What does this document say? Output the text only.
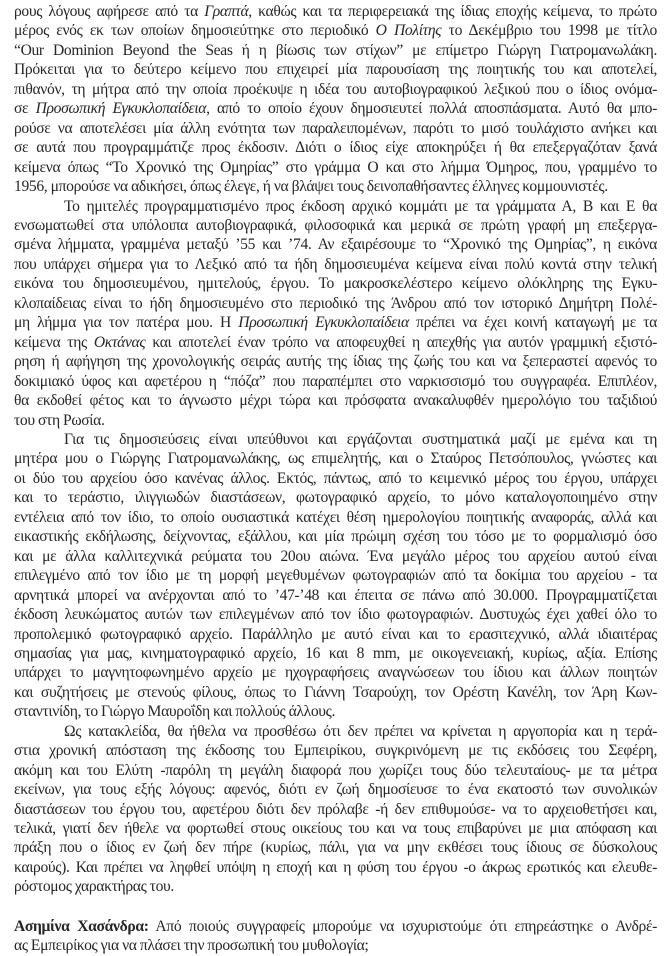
ρους λόγους αφήρεσε από τα Γραπτά, καθώς και τα περιφερειακά της ίδιας εποχής κείμενα, το πρώτο
μέρος ενός εκ των οποίων δημοσιεύτηκε στο περιοδικό Ο Πολίτης το Δεκέμβριο του 1998 με τίτλο
“Our Dominion Beyond the Seas ή η βίωσις των στίχων” με επίμετρο Γιώργη Γιατρομανωλάκη.
Πρόκειται για το δεύτερο κείμενο που επιχειρεί μία παρουσίαση της ποιητικής του και αποτελεί,
πιθανόν, τη μήτρα από την οποία προέκυψε η ιδέα του αυτοβιογραφικού λεξικού που ο ίδιος ονόμα-
σε Προσωπική Εγκυκλοπαίδεια, από το οποίο έχουν δημοσιευτεί πολλά αποσπάσματα. Αυτό θα μπο-
ρούσε να αποτελέσει μία άλλη ενότητα των παραλειπομένων, παρότι το μισό τουλάχιστο ανήκει και
σε αυτά που προγραμμάτιζε προς έκδοσιν. Διότι ο ίδιος είχε αποκηρύξει ή θα επεξεργαζόταν ξανά
κείμενα όπως “Το Χρονικό της Ομηρίας” στο γράμμα Ο και στο λήμμα Όμηρος, που, γραμμένο το
1956, μπορούσε να αδικήσει, όπως έλεγε, ή να βλάψει τους δεινοπαθήσαντες έλληνες κομμουνιστές.
Το ημιτελές προγραμματισμένο προς έκδοση αρχικό κομμάτι με τα γράμματα Α, Β και Ε θα
ενσωματωθεί στα υπόλοιπα αυτοβιογραφικά, φιλοσοφικά και μερικά σε πρώτη γραφή μη επεξεργα-
σμένα λήμματα, γραμμένα μεταξύ ’55 και ’74. Αν εξαιρέσουμε το “Χρονικό της Ομηρίας”, η εικόνα
που υπάρχει σήμερα για το Λεξικό από τα ήδη δημοσιευμένα κείμενα είναι πολύ κοντά στην τελική
εικόνα του δημοσιευμένου, ημιτελούς, έργου. Το μακροσκελέστερο κείμενο ολόκληρης της Εγκυ-
κλοπαίδειας είναι το ήδη δημοσιευμένο στο περιοδικό της Άνδρου από τον ιστορικό Δημήτρη Πολέ-
μη λήμμα για τον πατέρα μου. Η Προσωπική Εγκυκλοπαίδεια πρέπει να έχει κοινή καταγωγή με τα
κείμενα της Οκτάνας και αποτελεί έναν τρόπο να αποφευχθεί η απεχθής για αυτόν γραμμική εξιστό-
ρηση ή αφήγηση της χρονολογικής σειράς αυτής της ίδιας της ζωής του και να ξεπεραστεί αφενός το
δοκιμιακό ύφος και αφετέρου η “πόζα” που παραπέμπει στο ναρκισσισμό του συγγραφέα. Επιπλέον,
θα εκδοθεί φέτος και το άγνωστο μέχρι τώρα και πρόσφατα ανακαλυφθέν ημερολόγιο του ταξιδιού
του στη Ρωσία.
Για τις δημοσιεύσεις είναι υπεύθυνοι και εργάζονται συστηματικά μαζί με εμένα και τη
μητέρα μου ο Γιώργης Γιατρομανωλάκης, ως επιμελητής, και ο Σταύρος Πετσόπουλος, γνώστες και
οι δύο του αρχείου όσο κανένας άλλος. Εκτός, πάντως, από το κειμενικό μέρος του έργου, υπάρχει
και το τεράστιο, ιλιγγιωδών διαστάσεων, φωτογραφικό αρχείο, το μόνο καταλογοποιημένο στην
εντέλεια από τον ίδιο, το οποίο ουσιαστικά κατέχει θέση ημερολογίου ποιητικής αναφοράς, αλλά και
εικαστικής εκδήλωσης, δείχνοντας, εξάλλου, και μία πρώιμη σχέση του τόσο με το φορμαλισμό όσο
και με άλλα καλλιτεχνικά ρεύματα του 20ου αιώνα. Ένα μεγάλο μέρος του αρχείου αυτού είναι
επιλεγμένο από τον ίδιο με τη μορφή μεγεθυμένων φωτογραφιών από τα δοκίμια του αρχείου - τα
αρνητικά μπορεί να ανέρχονται από το ’47-’48 και έπειτα σε πάνω από 30.000. Προγραμματίζεται
έκδοση λευκώματος αυτών των επιλεγμένων από τον ίδιο φωτογραφιών. Δυστυχώς έχει χαθεί όλο το
προπολεμικό φωτογραφικό αρχείο. Παράλληλο με αυτό είναι και το ερασιτεχνικό, αλλά ιδιαιτέρας
σημασίας για μας, κινηματογραφικό αρχείο, 16 και 8 mm, με οικογενειακή, κυρίως, αξία. Επίσης
υπάρχει το μαγνητοφωνημένο αρχείο με ηχογραφήσεις αναγνώσεων του ίδιου και άλλων ποιητών
και συζητήσεις με στενούς φίλους, όπως το Γιάννη Τσαρούχη, τον Ορέστη Κανέλη, τον Άρη Κων-
σταντινίδη, το Γιώργο Μαυροΐδη και πολλούς άλλους.
Ως κατακλείδα, θα ήθελα να προσθέσω ότι δεν πρέπει να κρίνεται η αργοπορία και η τερά-
στια χρονική απόσταση της έκδοσης του Εμπειρίκου, συγκρινόμενη με τις εκδόσεις του Σεφέρη,
ακόμη και του Ελύτη -παρόλη τη μεγάλη διαφορά που χωρίζει τους δύο τελευταίους- με τα μέτρα
εκείνων, για τους εξής λόγους: αφενός, διότι εν ζωή δημοσίευσε το ένα εκατοστό των συνολικών
διαστάσεων του έργου του, αφετέρου διότι δεν πρόλαβε -ή δεν επιθυμούσε- να το αρχειοθετήσει και,
τελικά, γιατί δεν ήθελε να φορτωθεί στους οικείους του και να τους επιβαρύνει με μια απόφαση και
πράξη που ο ίδιος εν ζωή δεν πήρε (κυρίως, πάλι, για να μην εκθέσει τους ίδιους σε δύσκολους
καιρούς). Και πρέπει να ληφθεί υπόψη η εποχή και η φύση του έργου -ο άκρως ερωτικός και ελευθε-
ρόστομος χαρακτήρας του.
Ασημίνα Χασάνδρα: Από ποιούς συγγραφείς μπορούμε να ισχυριστούμε ότι επηρεάστηκε ο Ανδρέ-
ας Εμπειρίκος για να πλάσει την προσωπική του μυθολογία;
